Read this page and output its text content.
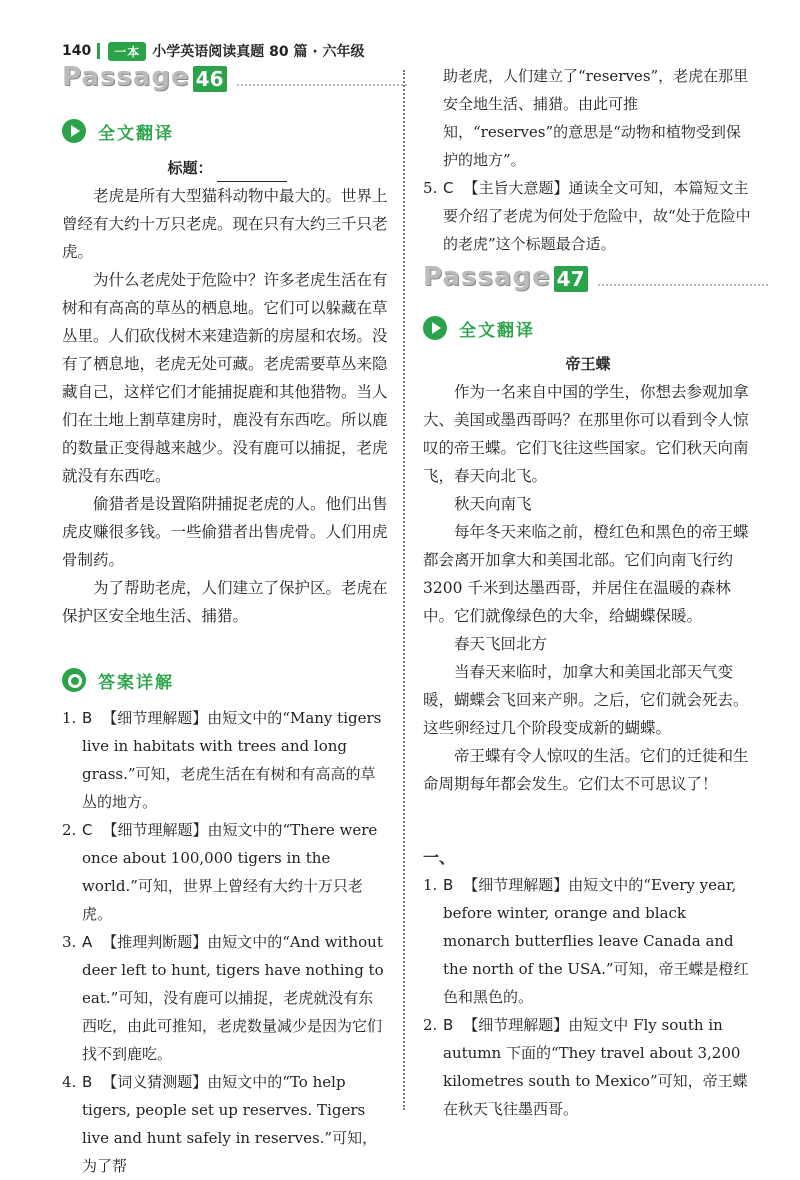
140	一本 小学英语阅读真题 80 篇 · 六年级
Passage 46
全文翻译
标题：

老虎是所有大型猫科动物中最大的。世界上曾经有大约十万只老虎。现在只有大约三千只老虎。

为什么老虎处于危险中？许多老虎生活在有树和有高高的草丛的栖息地。它们可以躲藏在草丛里。人们砍伐树木来建造新的房屋和农场。没有了栖息地，老虎无处可藏。老虎需要草丛来隐藏自己，这样它们才能捕捉鹿和其他猎物。当人们在土地上割草建房时，鹿没有东西吃。所以鹿的数量正变得越来越少。没有鹿可以捕捉，老虎就没有东西吃。

偷猎者是设置陷阱捕捉老虎的人。他们出售虎皮赚很多钱。一些偷猎者出售虎骨。人们用虎骨制药。

为了帮助老虎，人们建立了保护区。老虎在保护区安全地生活、捕猎。

答案详解

1. B 【细节理解题】由短文中的“Many tigers live in habitats with trees and long grass.”可知，老虎生活在有树和有高高的草丛的地方。

2. C 【细节理解题】由短文中的“There were once about 100,000 tigers in the world.”可知，世界上曾经有大约十万只老虎。

3. A 【推理判断题】由短文中的“And without deer left to hunt, tigers have nothing to eat.”可知，没有鹿可以捕捉，老虎就没有东西吃，由此可推知，老虎数量减少是因为它们找不到鹿吃。

4. B 【词义猜测题】由短文中的“To help tigers, people set up reserves. Tigers live and hunt safely in reserves.”可知，为了帮

助老虎，人们建立了“reserves”，老虎在那里安全地生活、捕猎。由此可推知，“reserves”的意思是“动物和植物受到保护的地方”。

5. C 【主旨大意题】通读全文可知，本篇短文主要介绍了老虎为何处于危险中，故“处于危险中的老虎”这个标题最合适。

Passage 47
全文翻译
帝王蝶

作为一名来自中国的学生，你想去参观加拿大、美国或墨西哥吗？在那里你可以看到令人惊叹的帝王蝶。它们飞往这些国家。它们秋天向南飞，春天向北飞。

秋天向南飞

每年冬天来临之前，橙红色和黑色的帝王蝶都会离开加拿大和美国北部。它们向南飞行约 3200 千米到达墨西哥，并居住在温暖的森林中。它们就像绿色的大伞，给蝴蝶保暖。

春天飞回北方

当春天来临时，加拿大和美国北部天气变暖，蝴蝶会飞回来产卵。之后，它们就会死去。这些卵经过几个阶段变成新的蝴蝶。

帝王蝶有令人惊叹的生活。它们的迁徙和生命周期每年都会发生。它们太不可思议了！

一、

1. B 【细节理解题】由短文中的“Every year, before winter, orange and black monarch butterflies leave Canada and the north of the USA.”可知，帝王蝶是橙红色和黑色的。

2. B 【细节理解题】由短文中 Fly south in autumn 下面的“They travel about 3,200 kilometres south to Mexico”可知，帝王蝶在秋天飞往墨西哥。
